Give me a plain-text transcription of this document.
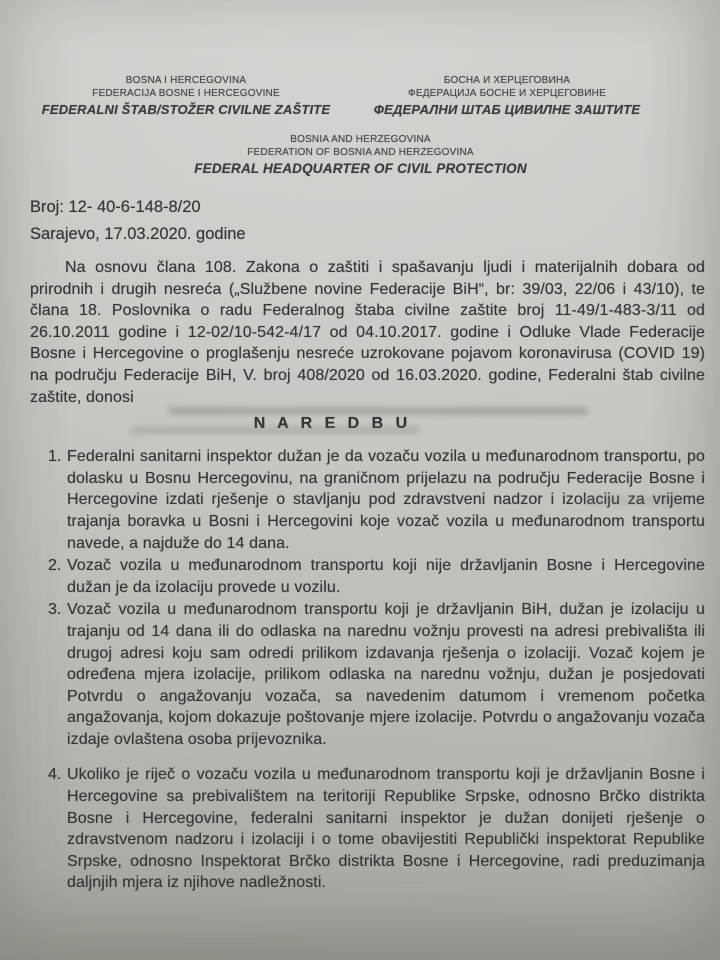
BOSNA I HERCEGOVINA
FEDERACIJA BOSNE I HERCEGOVINE
FEDERALNI ŠTAB/STOŽER CIVILNE ZAŠTITE
БОСНА И ХЕРЦЕГОВИНА
ФЕДЕРАЦИЈА БОСНЕ И ХЕРЦЕГОВИНЕ
ФЕДЕРАЛНИ ШТАБ ЦИВИЛНЕ ЗАШТИТЕ
BOSNIA AND HERZEGOVINA
FEDERATION OF BOSNIA AND HERZEGOVINA
FEDERAL HEADQUARTER OF CIVIL PROTECTION
Broj: 12- 40-6-148-8/20
Sarajevo, 17.03.2020. godine

Na osnovu člana 108. Zakona o zaštiti i spašavanju ljudi i materijalnih dobara od prirodnih i drugih nesreća („Službene novine Federacije BiH“, br: 39/03, 22/06 i 43/10), te člana 18. Poslovnika o radu Federalnog štaba civilne zaštite broj 11-49/1-483-3/11 od 26.10.2011 godine i 12-02/10-542-4/17 od 04.10.2017. godine i Odluke Vlade Federacije Bosne i Hercegovine o proglašenju nesreće uzrokovane pojavom koronavirusa (COVID 19) na području Federacije BiH, V. broj 408/2020 od 16.03.2020. godine, Federalni štab civilne zaštite, donosi

N A R E D B U
1. Federalni sanitarni inspektor dužan je da vozaču vozila u međunarodnom transportu, po dolasku u Bosnu Hercegovinu, na graničnom prijelazu na području Federacije Bosne i Hercegovine izdati rješenje o stavljanju pod zdravstveni nadzor i izolaciju za vrijeme trajanja boravka u Bosni i Hercegovini koje vozač vozila u međunarodnom transportu navede, a najduže do 14 dana.
2. Vozač vozila u međunarodnom transportu koji nije državljanin Bosne i Hercegovine dužan je da izolaciju provede u vozilu.
3. Vozač vozila u međunarodnom transportu koji je državljanin BiH, dužan je izolaciju u trajanju od 14 dana ili do odlaska na narednu vožnju provesti na adresi prebivališta ili drugoj adresi koju sam odredi prilikom izdavanja rješenja o izolaciji. Vozač kojem je određena mjera izolacije, prilikom odlaska na narednu vožnju, dužan je posjedovati Potvrdu o angažovanju vozača, sa navedenim datumom i vremenom početka angažovanja, kojom dokazuje poštovanje mjere izolacije. Potvrdu o angažovanju vozača izdaje ovlaštena osoba prijevoznika.
4. Ukoliko je riječ o vozaču vozila u međunarodnom transportu koji je državljanin Bosne i Hercegovine sa prebivalištem na teritoriji Republike Srpske, odnosno Brčko distrikta Bosne i Hercegovine, federalni sanitarni inspektor je dužan donijeti rješenje o zdravstvenom nadzoru i izolaciji i o tome obavijestiti Republički inspektorat Republike Srpske, odnosno Inspektorat Brčko distrikta Bosne i Hercegovine, radi preduzimanja daljnjih mjera iz njihove nadležnosti.
